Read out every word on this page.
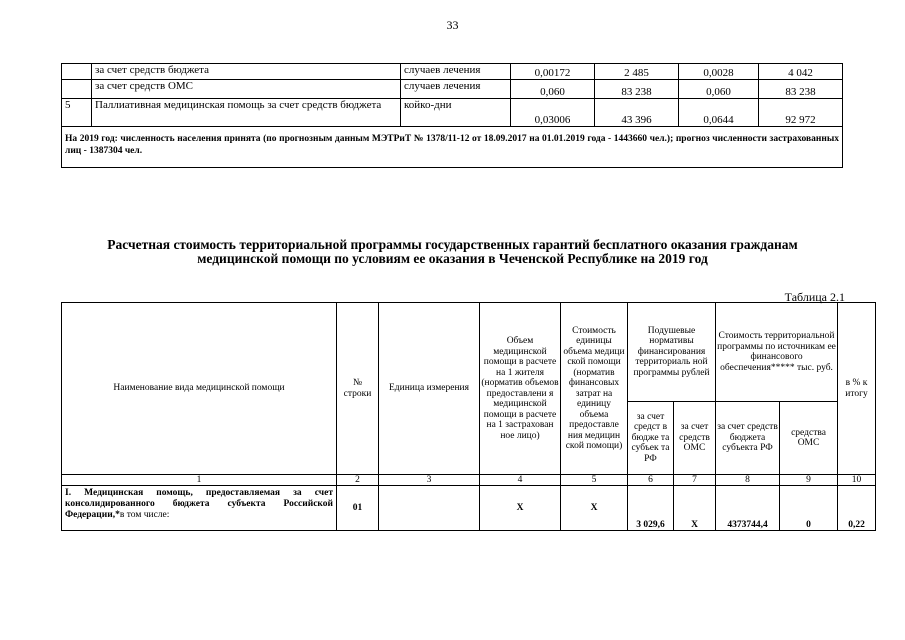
33
	за счет средств бюджета	случаев лечения	0,00172	2 485	0,0028	4 042
	за счет средств ОМС	случаев лечения	0,060	83 238	0,060	83 238
5	Паллиативная медицинская помощь за счет средств бюджета	койко-дни	0,03006	43 396	0,0644	92 972
На 2019 год: численность населения принята (по прогнозным данным МЭТРиТ № 1378/11-12 от 18.09.2017 на 01.01.2019 года - 1443660 чел.); прогноз численности застрахованных лиц - 1387304 чел.						
Расчетная стоимость территориальной программы государственных гарантий бесплатного оказания гражданам
медицинской помощи по условиям ее оказания в Чеченской Республике на 2019 год
Таблица 2.1
Наименование вида медицинской помощи	№ строки	Единица измерения	Объем медицинской помощи в расчете на 1 жителя (норматив объемов предоставлени я медицинской помощи в расчете на 1 застрахован ное лицо)	Стоимость единицы объема медици ской помощи (норматив финансовых затрат на единицу объема предоставле ния медицин ской помощи)	Подушевые нормативы финансирования территориаль ной программы рублей		Стоимость территориальной программы по источникам ее финансового обеспечения***** тыс. руб.		в % к итогу
					за счет средст в бюдже та субъек та РФ	за счет средств ОМС	за счет средств бюджета субъекта РФ	средства ОМС	
1	2	3	4	5	6	7	8	9	10
I. Медицинская помощь, предоставляемая за счет консолидированного бюджета субъекта Российской Федерации,*в том числе:	01		Х	Х	3 029,6	Х	4373744,4	0	0,22
